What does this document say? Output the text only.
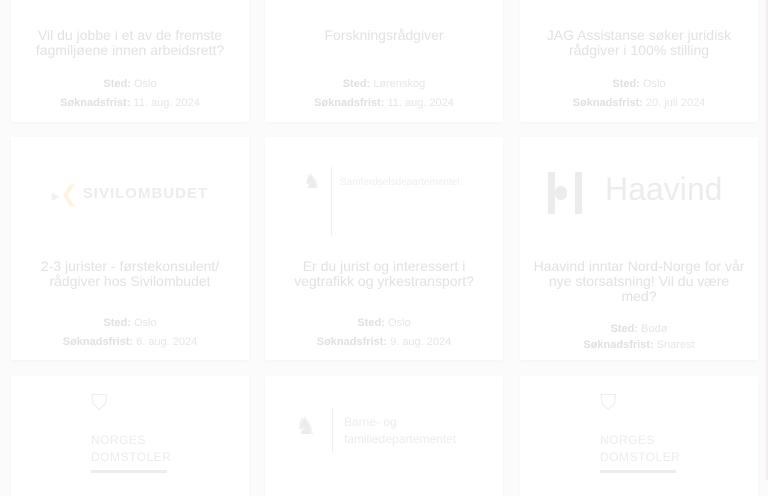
Vil du jobbe i et av de fremste fagmiljøene innen arbeidsrett?
Sted: Oslo
Søknadsfrist: 11. aug. 2024
Forskningsrådgiver
Sted: Lørenskog
Søknadsfrist: 11. aug. 2024
JAG Assistanse søker juridisk rådgiver i 100% stilling
Sted: Oslo
Søknadsfrist: 20. juli 2024
▸❮ SIVILOMBUDET
2-3 jurister - førstekonsulent/ rådgiver hos Sivilombudet
Sted: Oslo
Søknadsfrist: 6. aug. 2024
♞	Samferdselsdepartementet
Er du jurist og interessert i vegtrafikk og yrkestransport?
Sted: Oslo
Søknadsfrist: 9. aug. 2024
Haavind
Haavind inntar Nord-Norge for vår nye storsatsning! Vil du være med?
Sted: Bodø
Søknadsfrist: Snarest
⛉
NORGES
DOMSTOLER
♞	Barne- og
familiedepartementet
⛉
NORGES
DOMSTOLER
